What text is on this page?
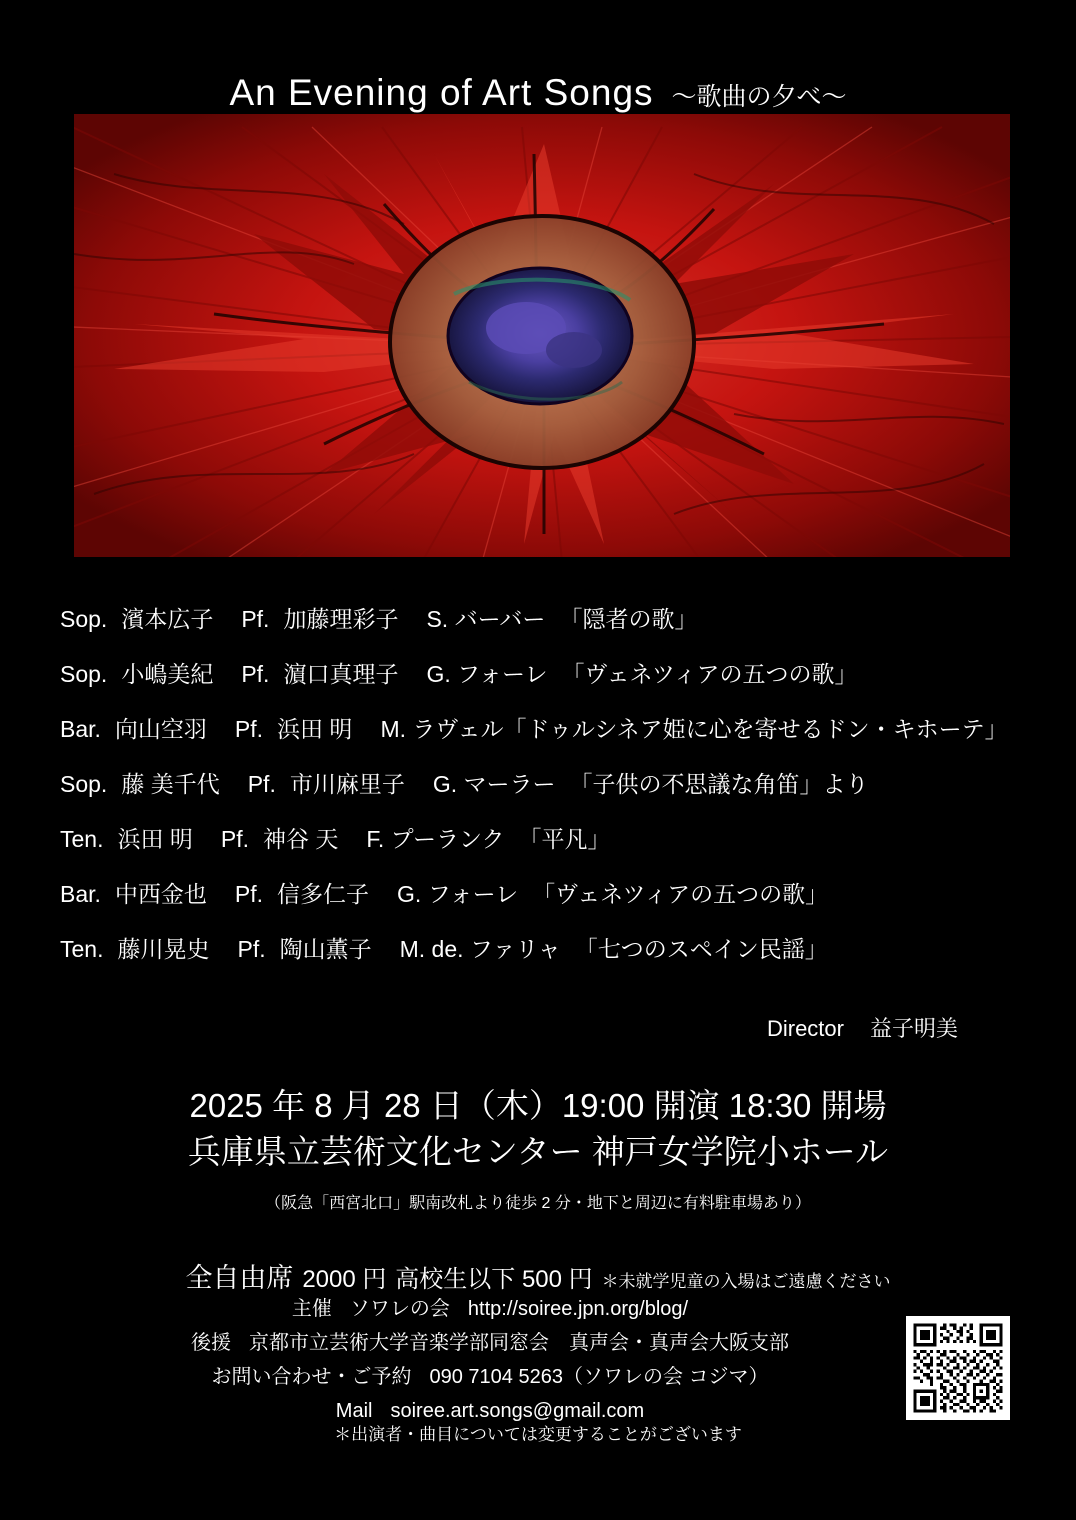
An Evening of Art Songs 〜歌曲の夕べ〜
Sop. 濱本広子 Pf. 加藤理彩子 S. バーバー 「隠者の歌」
Sop. 小嶋美紀 Pf. 濵口真理子 G. フォーレ 「ヴェネツィアの五つの歌」
Bar. 向山空羽 Pf. 浜田 明 M. ラヴェル「ドゥルシネア姫に心を寄せるドン・キホーテ」
Sop. 藤 美千代 Pf. 市川麻里子 G. マーラー 「子供の不思議な角笛」より
Ten. 浜田 明 Pf. 神谷 天 F. プーランク 「平凡」
Bar. 中西金也 Pf. 信多仁子 G. フォーレ 「ヴェネツィアの五つの歌」
Ten. 藤川晃史 Pf. 陶山薫子 M. de. ファリャ 「七つのスペイン民謡」
Director 益子明美
2025 年 8 月 28 日（木）19:00 開演 18:30 開場
兵庫県立芸術文化センター 神戸女学院小ホール
（阪急「西宮北口」駅南改札より徒歩 2 分・地下と周辺に有料駐車場あり）
全自由席 2000 円 高校生以下 500 円 ＊未就学児童の入場はご遠慮ください
主催 ソワレの会 http://soiree.jpn.org/blog/
後援 京都市立芸術大学音楽学部同窓会　真声会・真声会大阪支部
お問い合わせ・ご予約 090 7104 5263（ソワレの会 コジマ）
Mail soiree.art.songs@gmail.com
＊出演者・曲目については変更することがございます
